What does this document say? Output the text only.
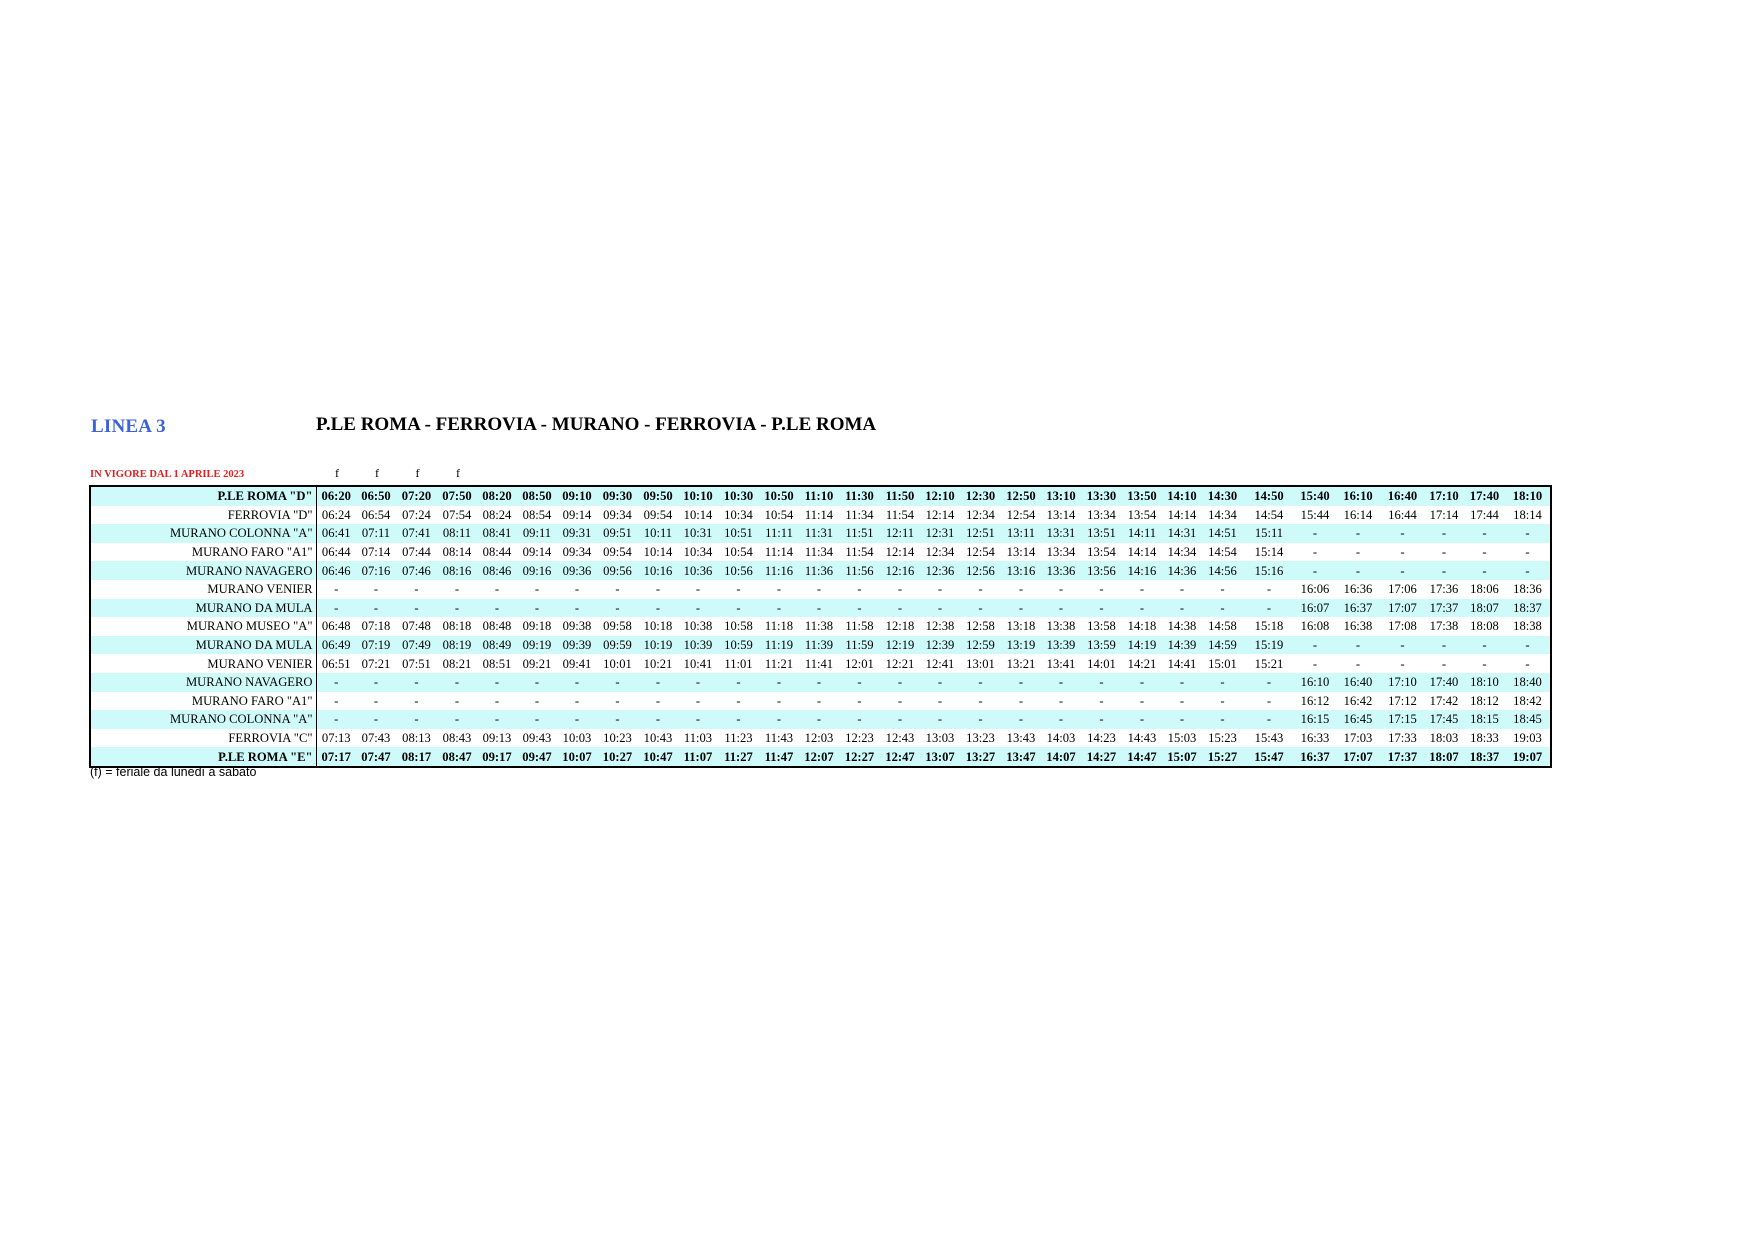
LINEA 3	P.LE ROMA - FERROVIA - MURANO - FERROVIA - P.LE ROMA
IN VIGORE DAL 1 APRILE 2023	f	f	f	f
P.LE ROMA "D"	06:20	06:50	07:20	07:50	08:20	08:50	09:10	09:30	09:50	10:10	10:30	10:50	11:10	11:30	11:50	12:10	12:30	12:50	13:10	13:30	13:50	14:10	14:30	14:50	15:40	16:10	16:40	17:10	17:40	18:10
FERROVIA "D"	06:24	06:54	07:24	07:54	08:24	08:54	09:14	09:34	09:54	10:14	10:34	10:54	11:14	11:34	11:54	12:14	12:34	12:54	13:14	13:34	13:54	14:14	14:34	14:54	15:44	16:14	16:44	17:14	17:44	18:14
MURANO COLONNA "A"	06:41	07:11	07:41	08:11	08:41	09:11	09:31	09:51	10:11	10:31	10:51	11:11	11:31	11:51	12:11	12:31	12:51	13:11	13:31	13:51	14:11	14:31	14:51	15:11	-	-	-	-	-	-
MURANO FARO "A1"	06:44	07:14	07:44	08:14	08:44	09:14	09:34	09:54	10:14	10:34	10:54	11:14	11:34	11:54	12:14	12:34	12:54	13:14	13:34	13:54	14:14	14:34	14:54	15:14	-	-	-	-	-	-
MURANO NAVAGERO	06:46	07:16	07:46	08:16	08:46	09:16	09:36	09:56	10:16	10:36	10:56	11:16	11:36	11:56	12:16	12:36	12:56	13:16	13:36	13:56	14:16	14:36	14:56	15:16	-	-	-	-	-	-
MURANO VENIER	-	-	-	-	-	-	-	-	-	-	-	-	-	-	-	-	-	-	-	-	-	-	-	-	16:06	16:36	17:06	17:36	18:06	18:36
MURANO DA MULA	-	-	-	-	-	-	-	-	-	-	-	-	-	-	-	-	-	-	-	-	-	-	-	-	16:07	16:37	17:07	17:37	18:07	18:37
MURANO MUSEO "A"	06:48	07:18	07:48	08:18	08:48	09:18	09:38	09:58	10:18	10:38	10:58	11:18	11:38	11:58	12:18	12:38	12:58	13:18	13:38	13:58	14:18	14:38	14:58	15:18	16:08	16:38	17:08	17:38	18:08	18:38
MURANO DA MULA	06:49	07:19	07:49	08:19	08:49	09:19	09:39	09:59	10:19	10:39	10:59	11:19	11:39	11:59	12:19	12:39	12:59	13:19	13:39	13:59	14:19	14:39	14:59	15:19	-	-	-	-	-	-
MURANO VENIER	06:51	07:21	07:51	08:21	08:51	09:21	09:41	10:01	10:21	10:41	11:01	11:21	11:41	12:01	12:21	12:41	13:01	13:21	13:41	14:01	14:21	14:41	15:01	15:21	-	-	-	-	-	-
MURANO NAVAGERO	-	-	-	-	-	-	-	-	-	-	-	-	-	-	-	-	-	-	-	-	-	-	-	-	16:10	16:40	17:10	17:40	18:10	18:40
MURANO FARO "A1"	-	-	-	-	-	-	-	-	-	-	-	-	-	-	-	-	-	-	-	-	-	-	-	-	16:12	16:42	17:12	17:42	18:12	18:42
MURANO COLONNA "A"	-	-	-	-	-	-	-	-	-	-	-	-	-	-	-	-	-	-	-	-	-	-	-	-	16:15	16:45	17:15	17:45	18:15	18:45
FERROVIA "C"	07:13	07:43	08:13	08:43	09:13	09:43	10:03	10:23	10:43	11:03	11:23	11:43	12:03	12:23	12:43	13:03	13:23	13:43	14:03	14:23	14:43	15:03	15:23	15:43	16:33	17:03	17:33	18:03	18:33	19:03
P.LE ROMA "E"	07:17	07:47	08:17	08:47	09:17	09:47	10:07	10:27	10:47	11:07	11:27	11:47	12:07	12:27	12:47	13:07	13:27	13:47	14:07	14:27	14:47	15:07	15:27	15:47	16:37	17:07	17:37	18:07	18:37	19:07
(f) = feriale da lunedì a sabato
